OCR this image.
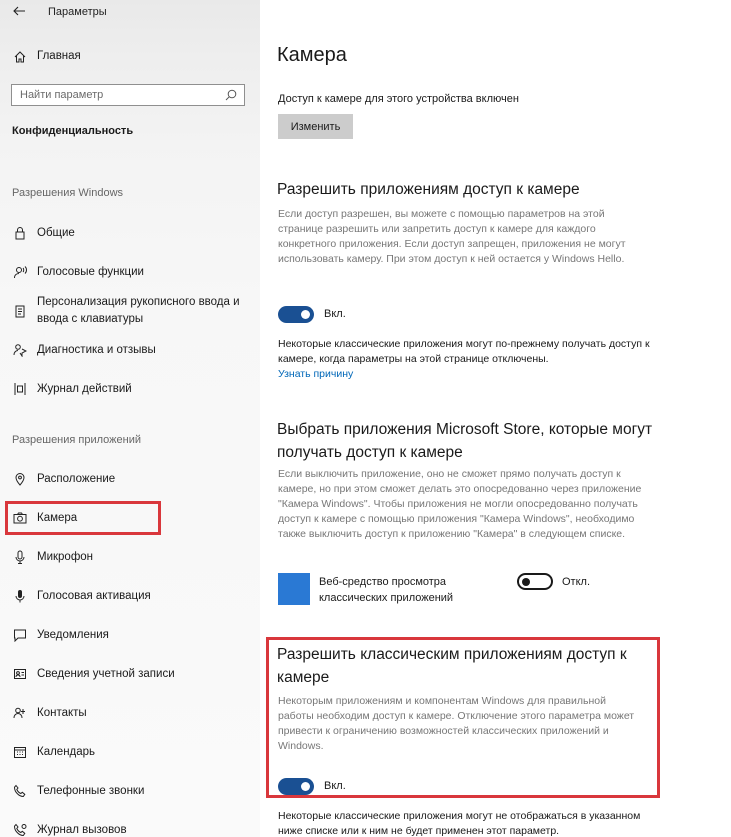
Параметры
Главная
Найти параметр
Конфиденциальность
Разрешения Windows
Общие
Голосовые функции
Персонализация рукописного ввода и ввода с клавиатуры
Диагностика и отзывы
Журнал действий
Разрешения приложений
Расположение
Камера
Микрофон
Голосовая активация
Уведомления
Сведения учетной записи
Контакты
Календарь
Телефонные звонки
Журнал вызовов
Камера
Доступ к камере для этого устройства включен
Изменить
Разрешить приложениям доступ к камере
Если доступ разрешен, вы можете с помощью параметров на этой странице разрешить или запретить доступ к камере для каждого конкретного приложения. Если доступ запрещен, приложения не могут использовать камеру. При этом доступ к ней остается у Windows Hello.
Вкл.
Некоторые классические приложения могут по-прежнему получать доступ к камере, когда параметры на этой странице отключены.
Узнать причину
Выбрать приложения Microsoft Store, которые могут получать доступ к камере
Если выключить приложение, оно не сможет прямо получать доступ к камере, но при этом сможет делать это опосредованно через приложение "Камера Windows". Чтобы приложения не могли опосредованно получать доступ к камере с помощью приложения "Камера Windows", необходимо также выключить доступ к приложению "Камера" в следующем списке.
Веб-средство просмотра классических приложений
Откл.
Разрешить классическим приложениям доступ к камере
Некоторым приложениям и компонентам Windows для правильной работы необходим доступ к камере. Отключение этого параметра может привести к ограничению возможностей классических приложений и Windows.
Вкл.
Некоторые классические приложения могут не отображаться в указанном ниже списке или к ним не будет применен этот параметр.
